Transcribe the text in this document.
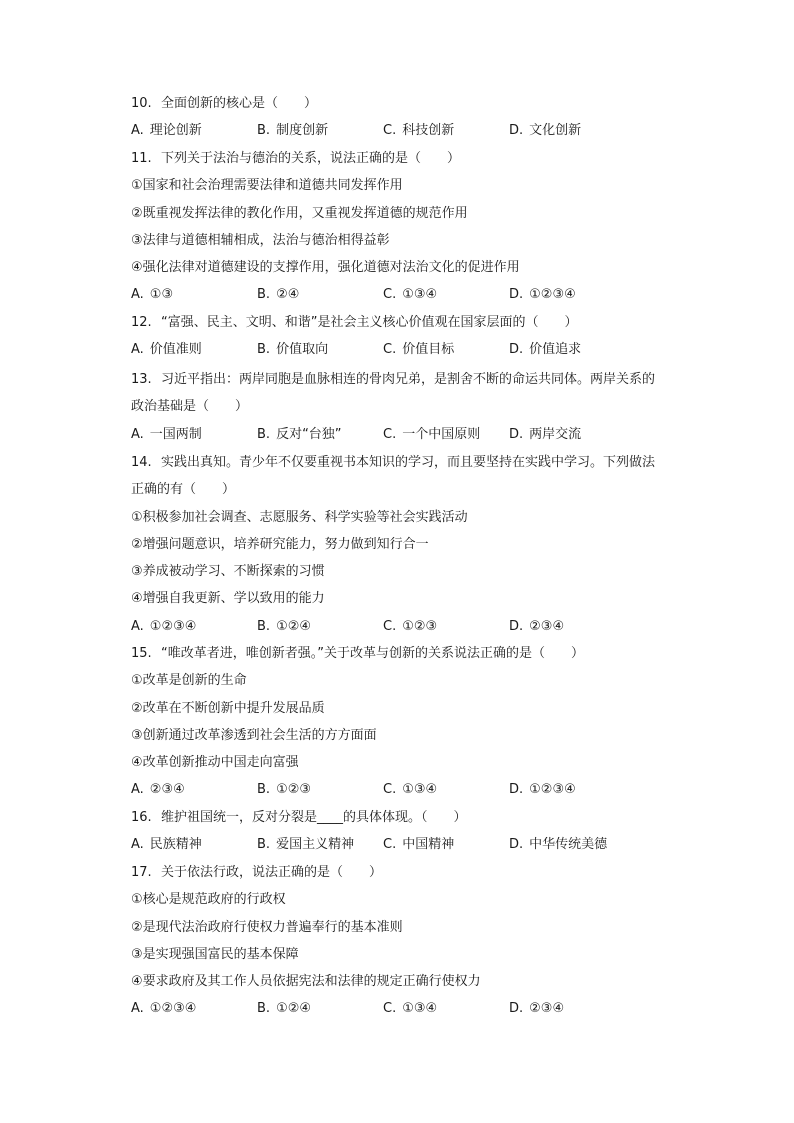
10. 全面创新的核心是（　　）
A. 理论创新	B. 制度创新	C. 科技创新	D. 文化创新
11. 下列关于法治与德治的关系，说法正确的是（　　）
①国家和社会治理需要法律和道德共同发挥作用
②既重视发挥法律的教化作用，又重视发挥道德的规范作用
③法律与道德相辅相成，法治与德治相得益彰
④强化法律对道德建设的支撑作用，强化道德对法治文化的促进作用
A. ①③	B. ②④	C. ①③④	D. ①②③④
12. “富强、民主、文明、和谐”是社会主义核心价值观在国家层面的（　　）
A. 价值准则	B. 价值取向	C. 价值目标	D. 价值追求
13. 习近平指出：两岸同胞是血脉相连的骨肉兄弟，是割舍不断的命运共同体。两岸关系的
政治基础是（　　）
A. 一国两制	B. 反对“台独”	C. 一个中国原则	D. 两岸交流
14. 实践出真知。青少年不仅要重视书本知识的学习，而且要坚持在实践中学习。下列做法
正确的有（　　）
①积极参加社会调查、志愿服务、科学实验等社会实践活动
②增强问题意识，培养研究能力，努力做到知行合一
③养成被动学习、不断探索的习惯
④增强自我更新、学以致用的能力
A. ①②③④	B. ①②④	C. ①②③	D. ②③④
15. “唯改革者进，唯创新者强。”关于改革与创新的关系说法正确的是（　　）
①改革是创新的生命
②改革在不断创新中提升发展品质
③创新通过改革渗透到社会生活的方方面面
④改革创新推动中国走向富强
A. ②③④	B. ①②③	C. ①③④	D. ①②③④
16. 维护祖国统一，反对分裂是____的具体体现。（　　）
A. 民族精神	B. 爱国主义精神	C. 中国精神	D. 中华传统美德
17. 关于依法行政，说法正确的是（　　）
①核心是规范政府的行政权
②是现代法治政府行使权力普遍奉行的基本准则
③是实现强国富民的基本保障
④要求政府及其工作人员依据宪法和法律的规定正确行使权力
A. ①②③④	B. ①②④	C. ①③④	D. ②③④
